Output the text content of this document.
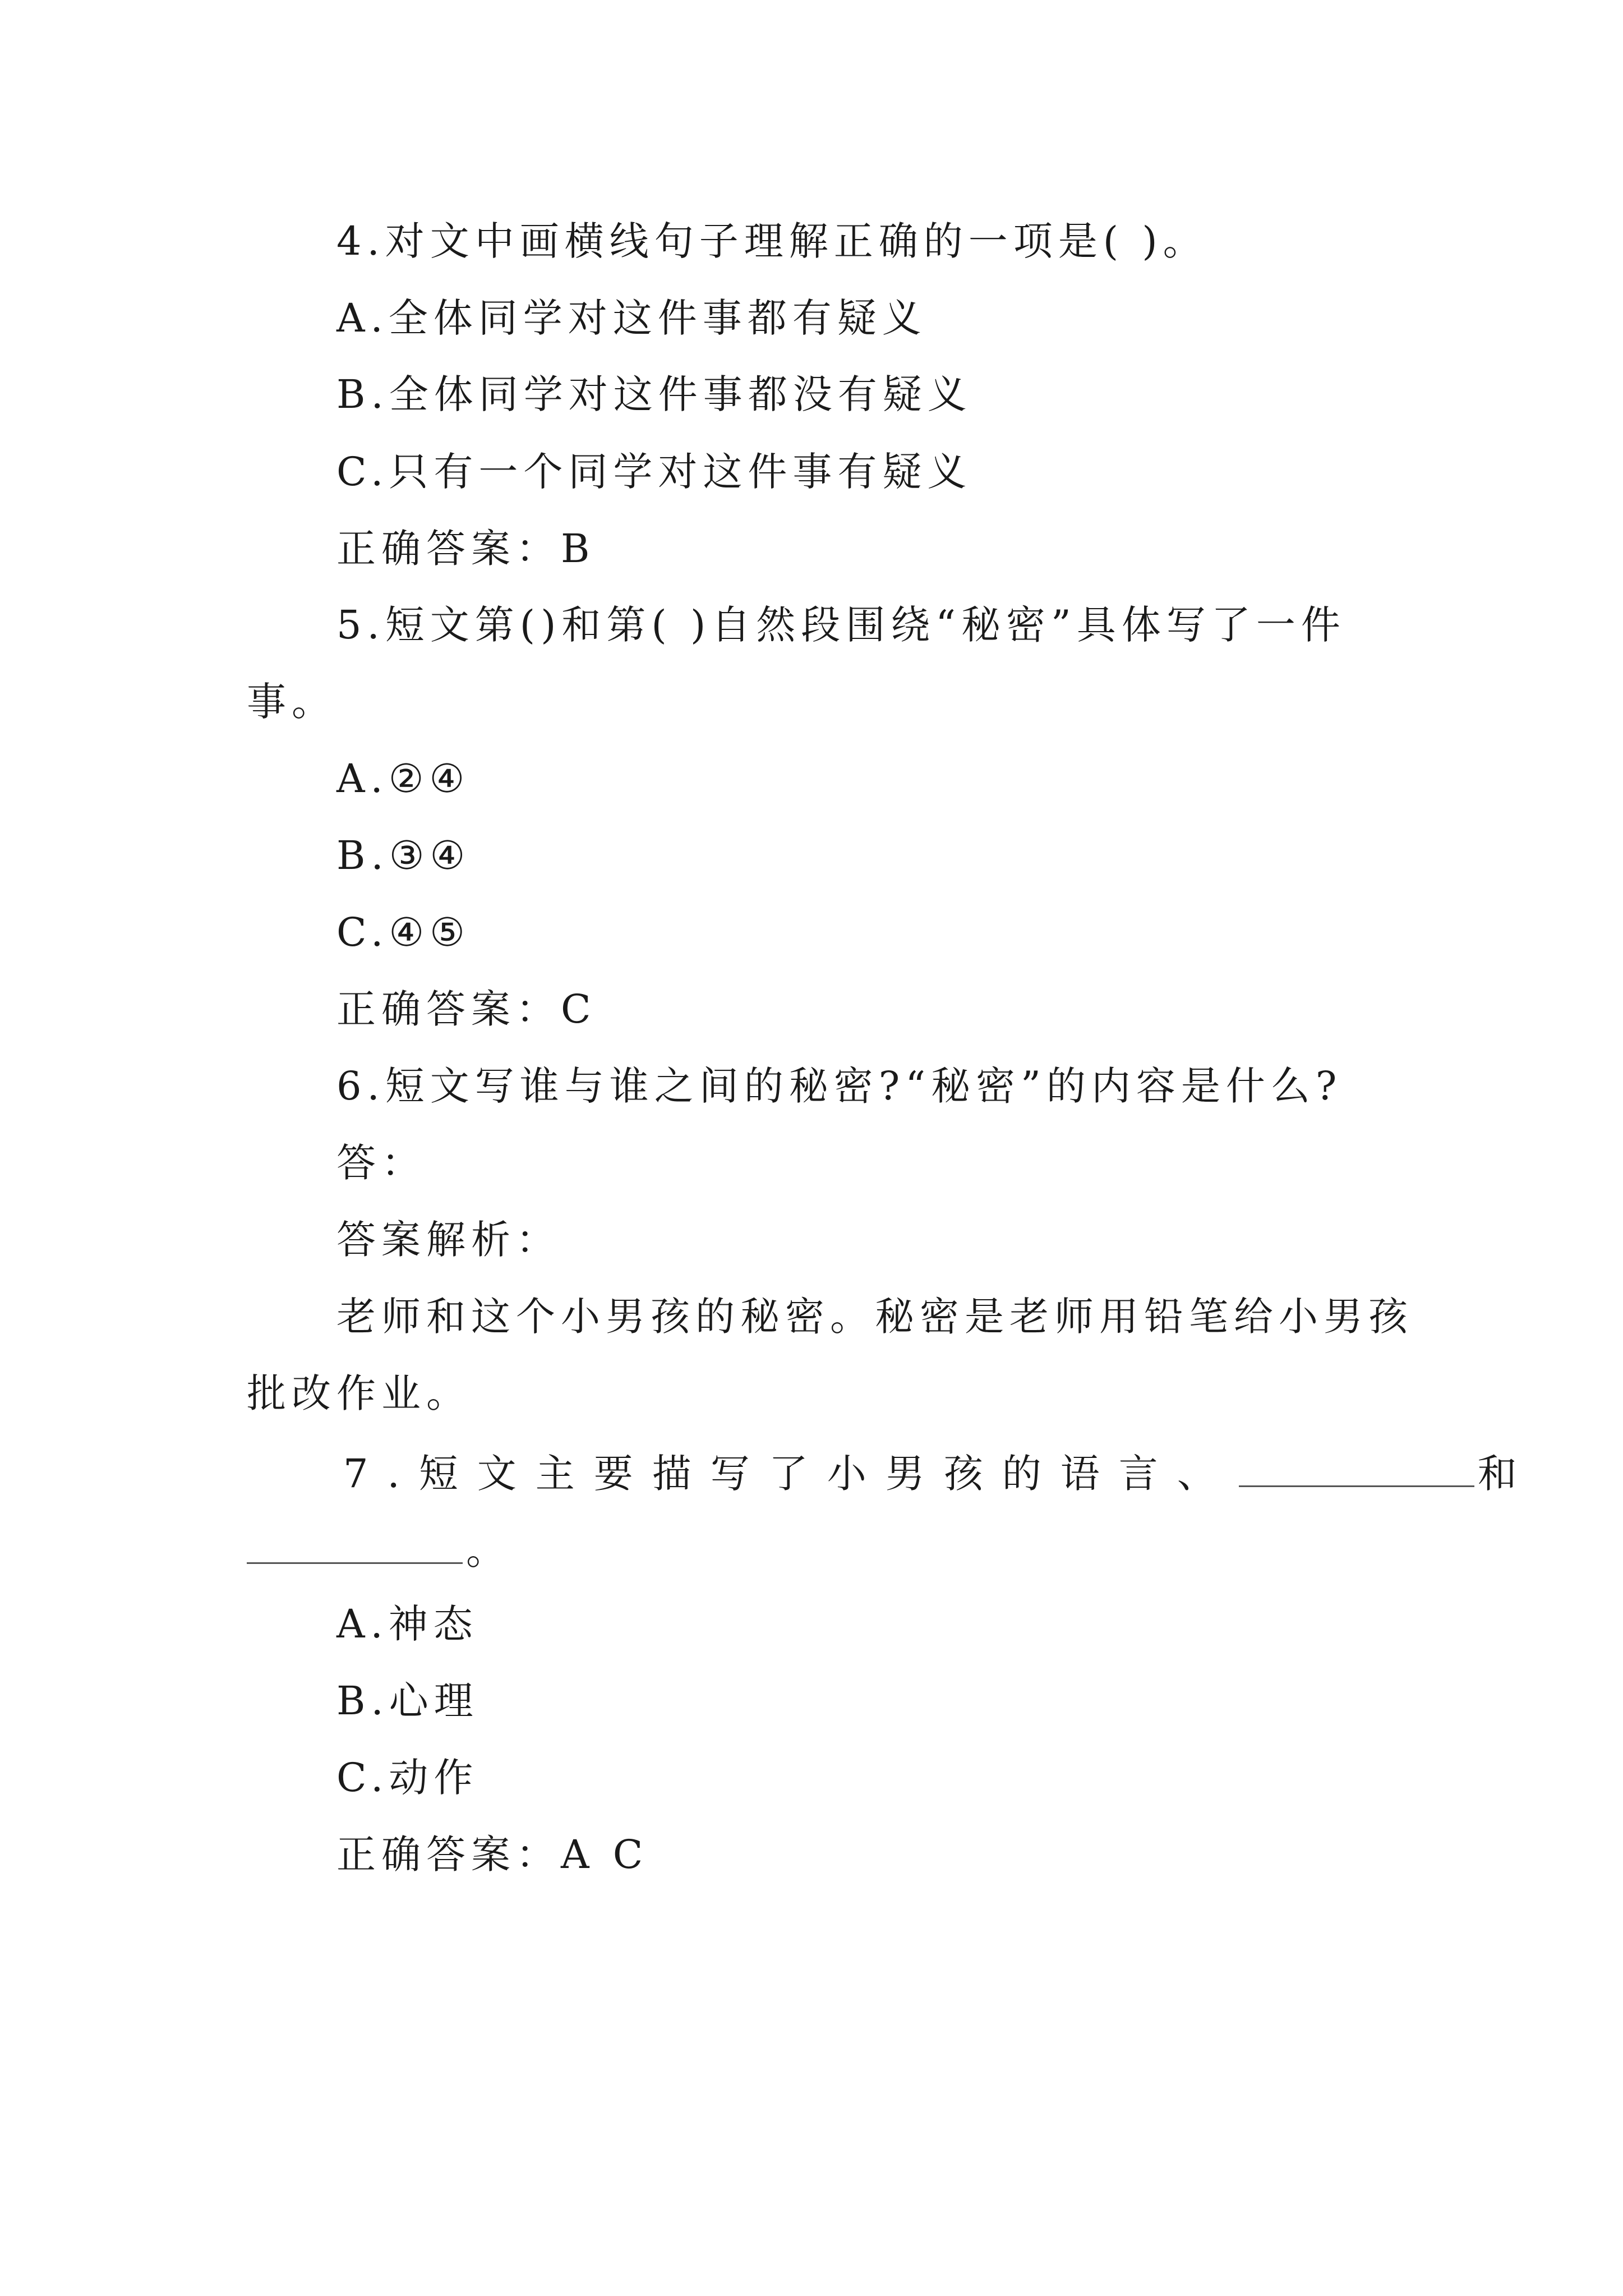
4.对文中画横线句子理解正确的一项是( )。
A.全体同学对这件事都有疑义
B.全体同学对这件事都没有疑义
C.只有一个同学对这件事有疑义
正确答案：B
5.短文第()和第( )自然段围绕“秘密”具体写了一件
事。
A.②④
B.③④
C.④⑤
正确答案：C
6.短文写谁与谁之间的秘密?“秘密”的内容是什么?
答：
答案解析：
老师和这个小男孩的秘密。秘密是老师用铅笔给小男孩
批改作业。
7.短文主要描写了小男孩的语言、	和
。
A.神态
B.心理
C.动作
正确答案：A C
